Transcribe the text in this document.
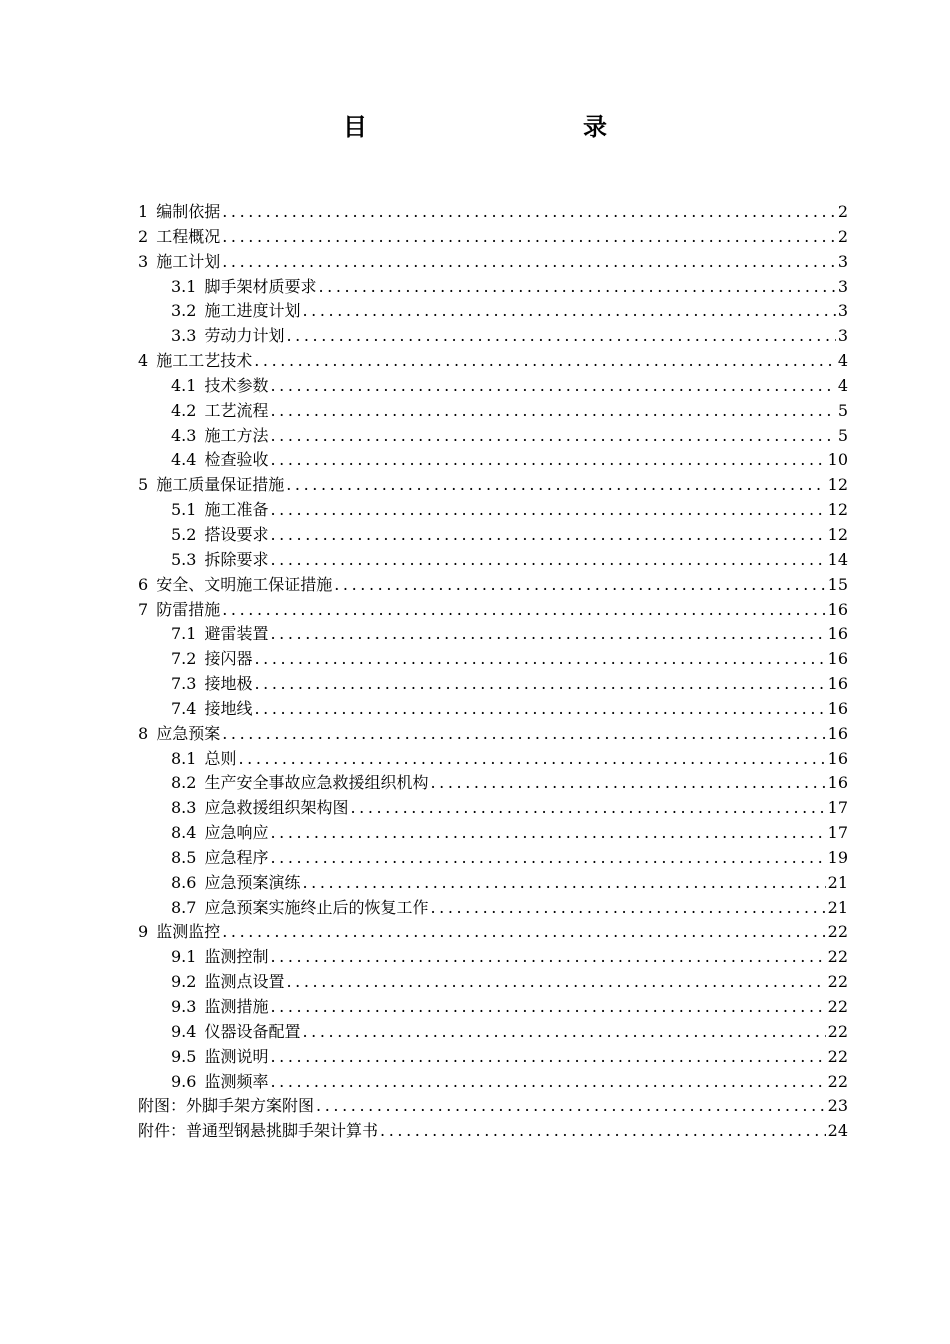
目　　录
1 编制依据 .....	2
2 工程概况 .....	2
3 施工计划 .....	3
3.1 脚手架材质要求 .....	3
3.2 施工进度计划 .....	3
3.3 劳动力计划 .....	3
4 施工工艺技术 .....	4
4.1 技术参数 .....	4
4.2 工艺流程 .....	5
4.3 施工方法 .....	5
4.4 检查验收 .....	10
5 施工质量保证措施 .....	12
5.1 施工准备 .....	12
5.2 搭设要求 .....	12
5.3 拆除要求 .....	14
6 安全、文明施工保证措施 .....	15
7 防雷措施 .....	16
7.1 避雷装置 .....	16
7.2 接闪器 .....	16
7.3 接地极 .....	16
7.4 接地线 .....	16
8 应急预案 .....	16
8.1 总则 .....	16
8.2 生产安全事故应急救援组织机构 .....	16
8.3 应急救援组织架构图 .....	17
8.4 应急响应 .....	17
8.5 应急程序 .....	19
8.6 应急预案演练 .....	21
8.7 应急预案实施终止后的恢复工作 .....	21
9 监测监控 .....	22
9.1 监测控制 .....	22
9.2 监测点设置 .....	22
9.3 监测措施 .....	22
9.4 仪器设备配置 .....	22
9.5 监测说明 .....	22
9.6 监测频率 .....	22
附图：外脚手架方案附图 .....	23
附件：普通型钢悬挑脚手架计算书 .....	24
